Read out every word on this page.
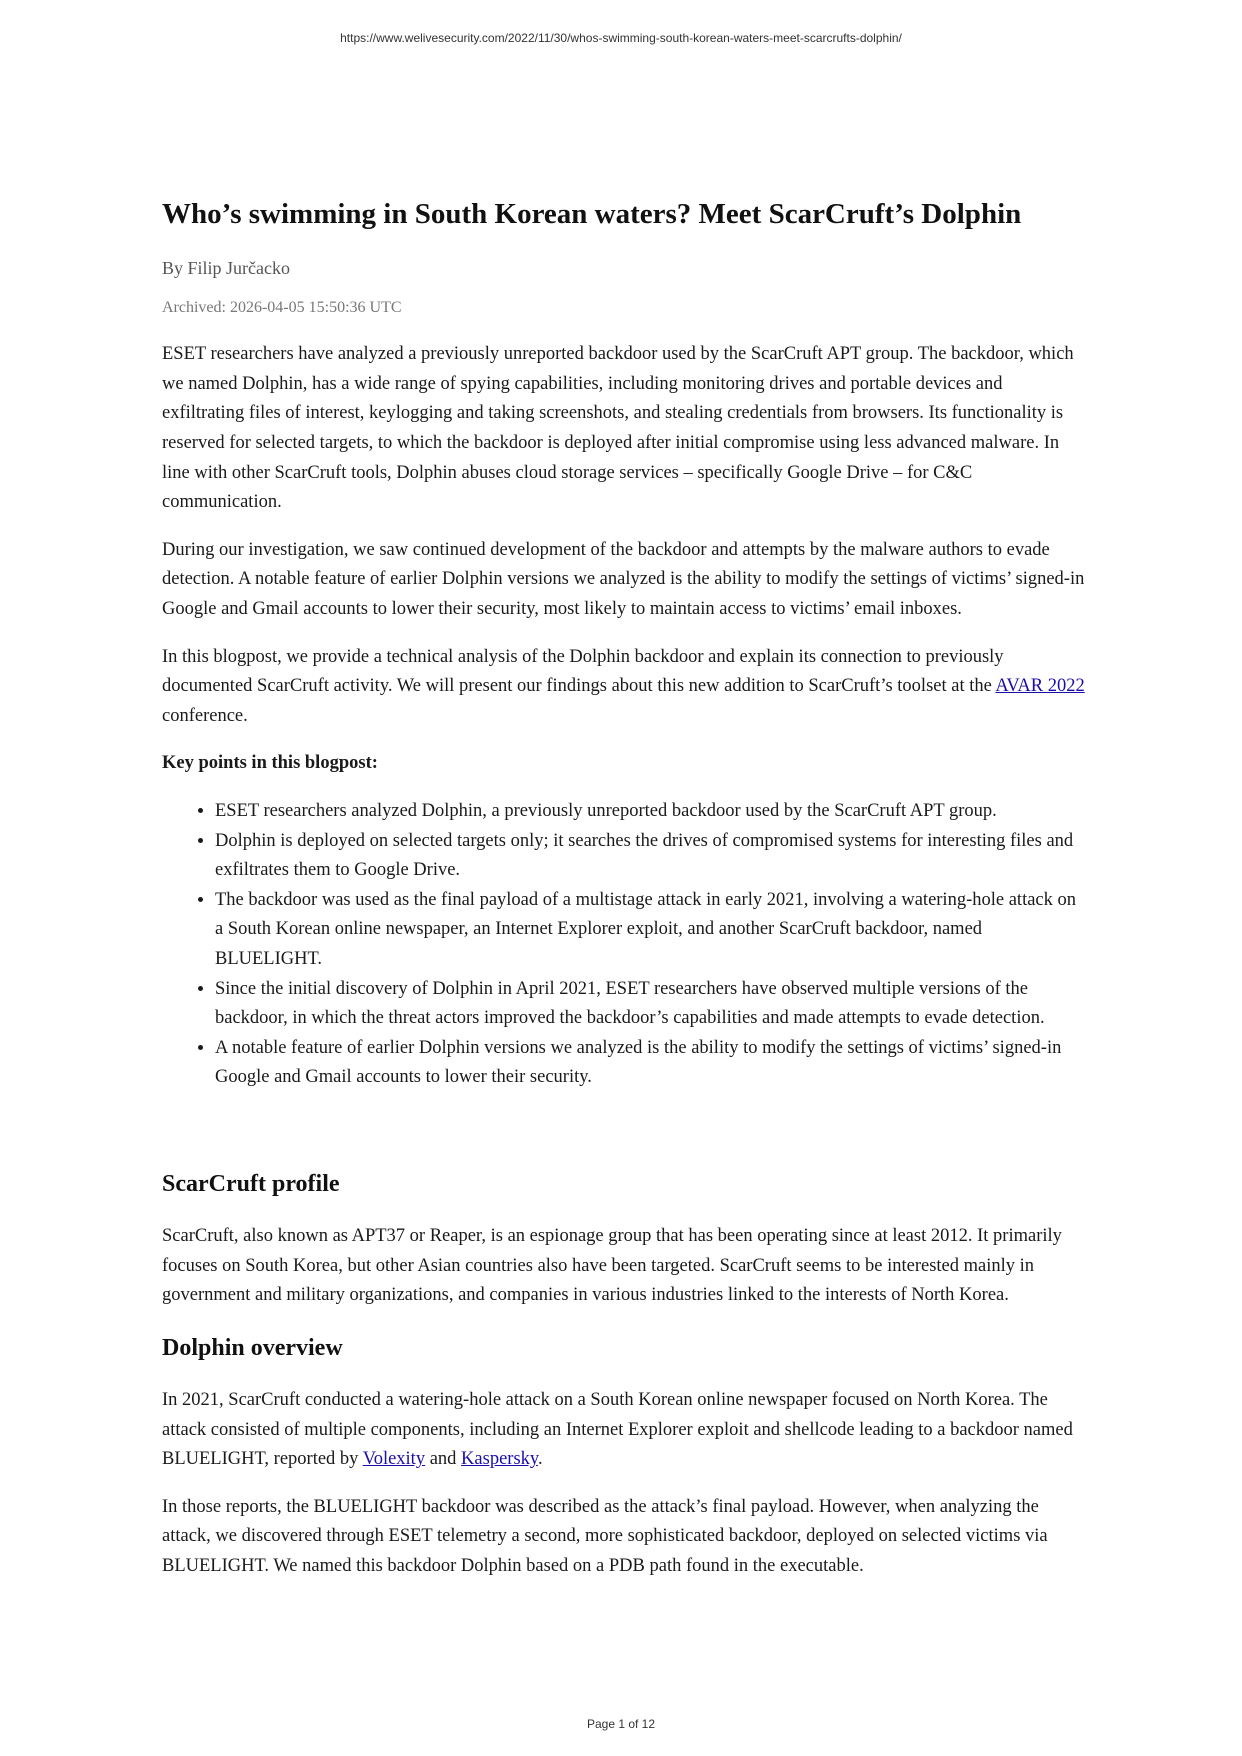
https://www.welivesecurity.com/2022/11/30/whos-swimming-south-korean-waters-meet-scarcrufts-dolphin/
Who’s swimming in South Korean waters? Meet ScarCruft’s Dolphin
By Filip Jurčacko
Archived: 2026-04-05 15:50:36 UTC

ESET researchers have analyzed a previously unreported backdoor used by the ScarCruft APT group. The backdoor, which we named Dolphin, has a wide range of spying capabilities, including monitoring drives and portable devices and exfiltrating files of interest, keylogging and taking screenshots, and stealing credentials from browsers. Its functionality is reserved for selected targets, to which the backdoor is deployed after initial compromise using less advanced malware. In line with other ScarCruft tools, Dolphin abuses cloud storage services – specifically Google Drive – for C&C communication.

During our investigation, we saw continued development of the backdoor and attempts by the malware authors to evade detection. A notable feature of earlier Dolphin versions we analyzed is the ability to modify the settings of victims’ signed-in Google and Gmail accounts to lower their security, most likely to maintain access to victims’ email inboxes.

In this blogpost, we provide a technical analysis of the Dolphin backdoor and explain its connection to previously documented ScarCruft activity. We will present our findings about this new addition to ScarCruft’s toolset at the AVAR 2022 conference.

Key points in this blogpost:

• ESET researchers analyzed Dolphin, a previously unreported backdoor used by the ScarCruft APT group.
• Dolphin is deployed on selected targets only; it searches the drives of compromised systems for interesting files and exfiltrates them to Google Drive.
• The backdoor was used as the final payload of a multistage attack in early 2021, involving a watering-hole attack on a South Korean online newspaper, an Internet Explorer exploit, and another ScarCruft backdoor, named BLUELIGHT.
• Since the initial discovery of Dolphin in April 2021, ESET researchers have observed multiple versions of the backdoor, in which the threat actors improved the backdoor’s capabilities and made attempts to evade detection.
• A notable feature of earlier Dolphin versions we analyzed is the ability to modify the settings of victims’ signed-in Google and Gmail accounts to lower their security.
ScarCruft profile

ScarCruft, also known as APT37 or Reaper, is an espionage group that has been operating since at least 2012. It primarily focuses on South Korea, but other Asian countries also have been targeted. ScarCruft seems to be interested mainly in government and military organizations, and companies in various industries linked to the interests of North Korea.

Dolphin overview

In 2021, ScarCruft conducted a watering-hole attack on a South Korean online newspaper focused on North Korea. The attack consisted of multiple components, including an Internet Explorer exploit and shellcode leading to a backdoor named BLUELIGHT, reported by Volexity and Kaspersky.

In those reports, the BLUELIGHT backdoor was described as the attack’s final payload. However, when analyzing the attack, we discovered through ESET telemetry a second, more sophisticated backdoor, deployed on selected victims via BLUELIGHT. We named this backdoor Dolphin based on a PDB path found in the executable.

Page 1 of 12
